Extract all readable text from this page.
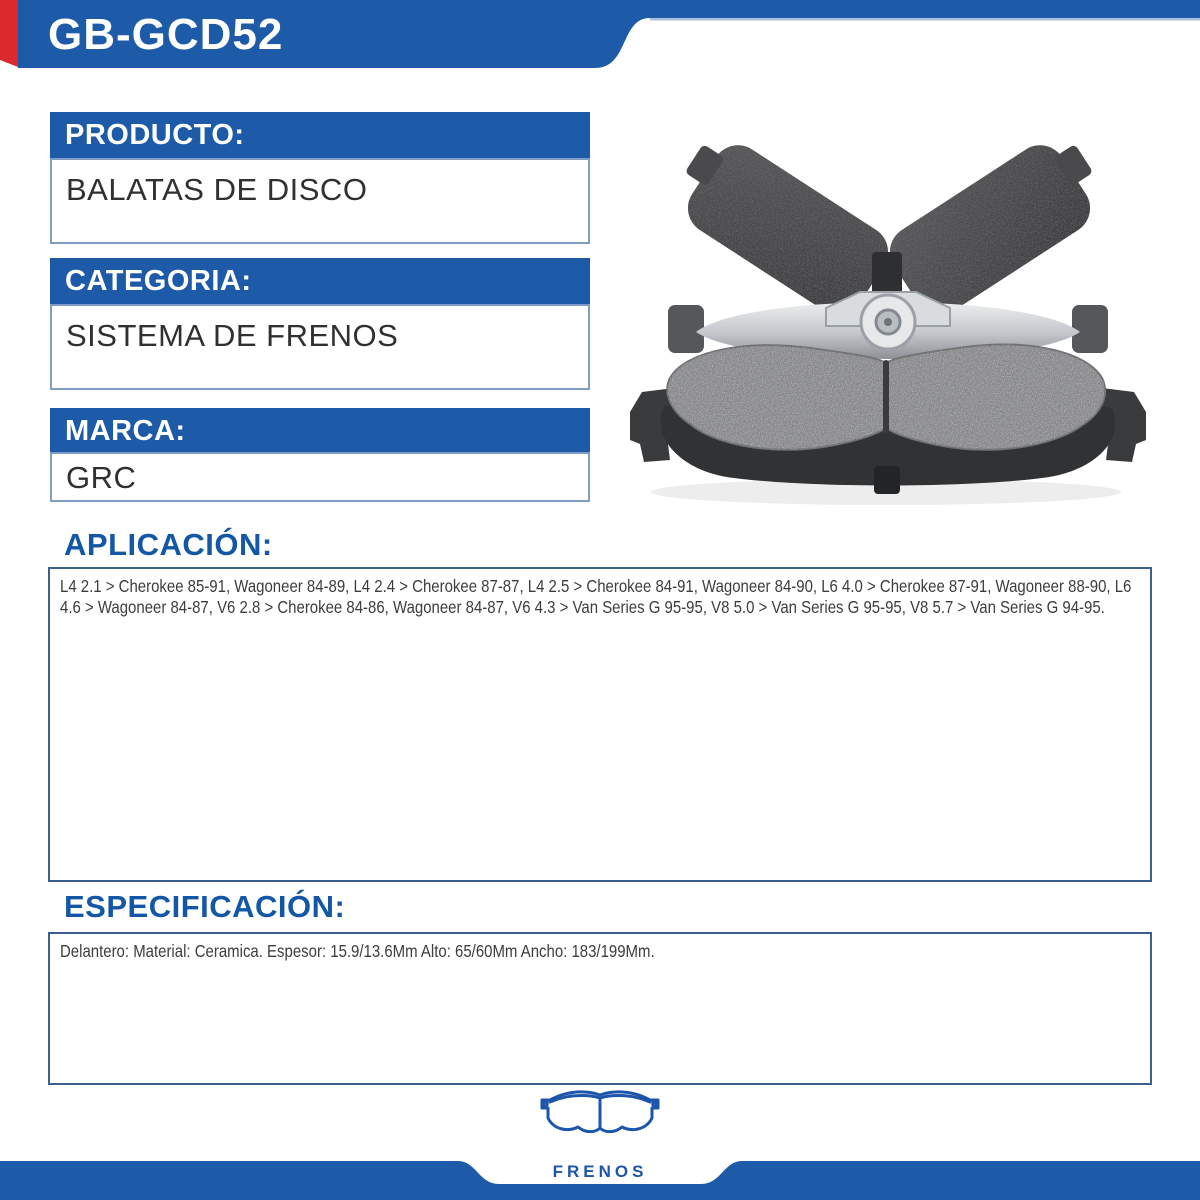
GB-GCD52
PRODUCTO:
BALATAS DE DISCO
CATEGORIA:
SISTEMA DE FRENOS
MARCA:
GRC
APLICACIÓN:
L4 2.1 > Cherokee 85-91, Wagoneer 84-89, L4 2.4 > Cherokee 87-87, L4 2.5 > Cherokee 84-91, Wagoneer 84-90, L6 4.0 > Cherokee 87-91, Wagoneer 88-90, L6 4.6 > Wagoneer 84-87, V6 2.8 > Cherokee 84-86, Wagoneer 84-87, V6 4.3 > Van Series G 95-95, V8 5.0 > Van Series G 95-95, V8 5.7 > Van Series G 94-95.
ESPECIFICACIÓN:
Delantero: Material: Ceramica. Espesor: 15.9/13.6Mm Alto: 65/60Mm Ancho: 183/199Mm.
FRENOS
